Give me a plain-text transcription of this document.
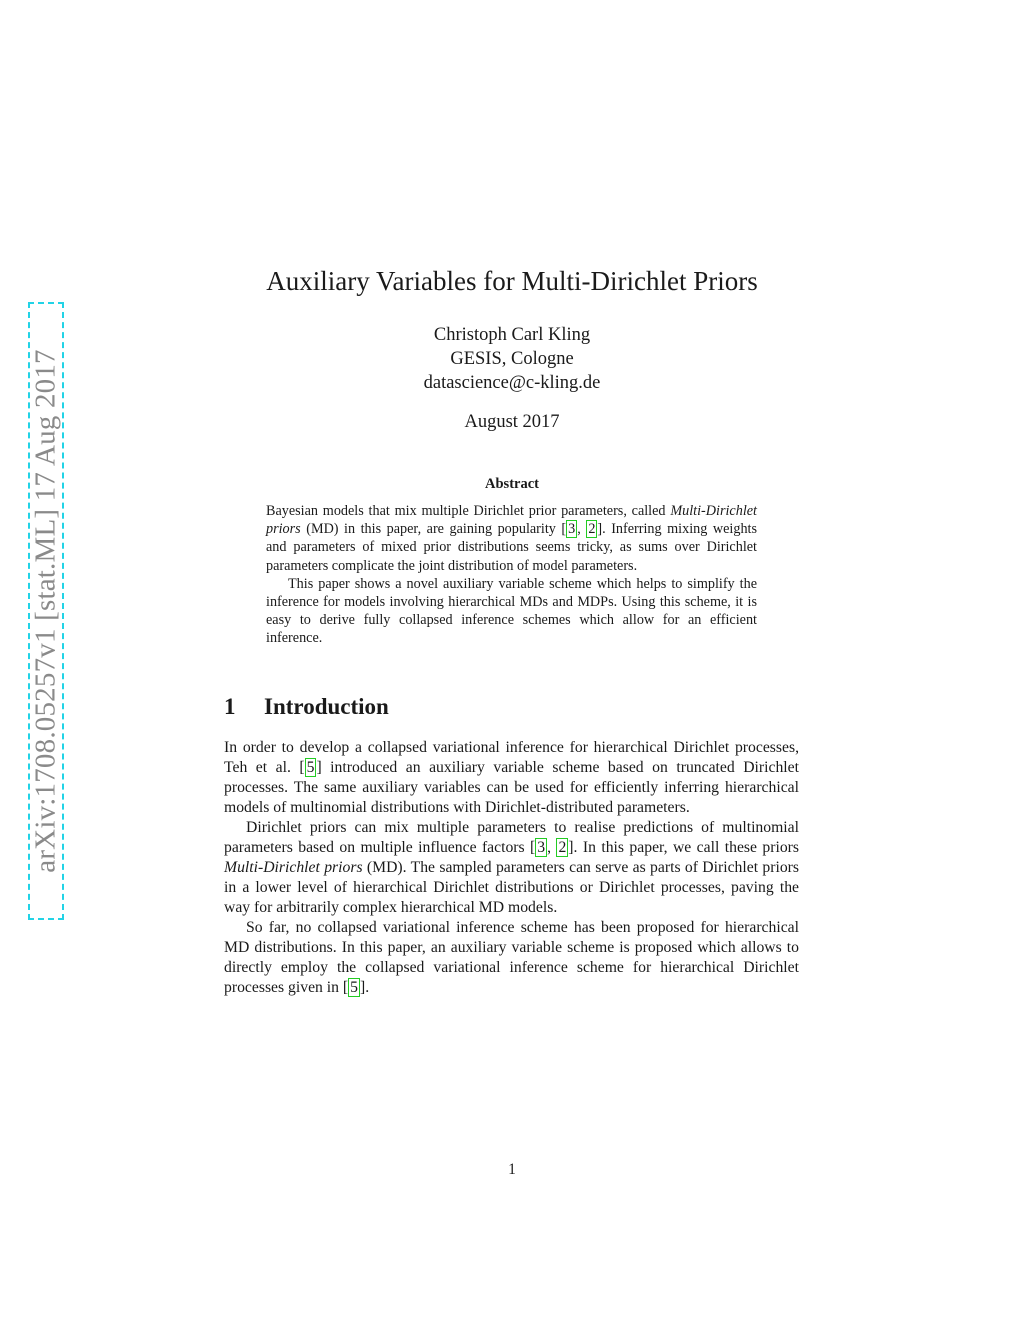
arXiv:1708.05257v1 [stat.ML] 17 Aug 2017
Auxiliary Variables for Multi-Dirichlet Priors
Christoph Carl Kling
GESIS, Cologne
datascience@c-kling.de
August 2017
Abstract

Bayesian models that mix multiple Dirichlet prior parameters, called Multi-Dirichlet priors (MD) in this paper, are gaining popularity [ 3 , 2 ]. Inferring mixing weights and parameters of mixed prior distributions seems tricky, as sums over Dirichlet parameters complicate the joint distribution of model parameters.

This paper shows a novel auxiliary variable scheme which helps to simplify the inference for models involving hierarchical MDs and MDPs. Using this scheme, it is easy to derive fully collapsed inference schemes which allow for an efficient inference.

1 Introduction

In order to develop a collapsed variational inference for hierarchical Dirichlet processes, Teh et al. [ 5 ] introduced an auxiliary variable scheme based on truncated Dirichlet processes. The same auxiliary variables can be used for efficiently inferring hierarchical models of multinomial distributions with Dirichlet-distributed parameters.

Dirichlet priors can mix multiple parameters to realise predictions of multinomial parameters based on multiple influence factors [ 3 , 2 ]. In this paper, we call these priors Multi-Dirichlet priors (MD). The sampled parameters can serve as parts of Dirichlet priors in a lower level of hierarchical Dirichlet distributions or Dirichlet processes, paving the way for arbitrarily complex hierarchical MD models.

So far, no collapsed variational inference scheme has been proposed for hierarchical MD distributions. In this paper, an auxiliary variable scheme is proposed which allows to directly employ the collapsed variational inference scheme for hierarchical Dirichlet processes given in [ 5 ].

1
